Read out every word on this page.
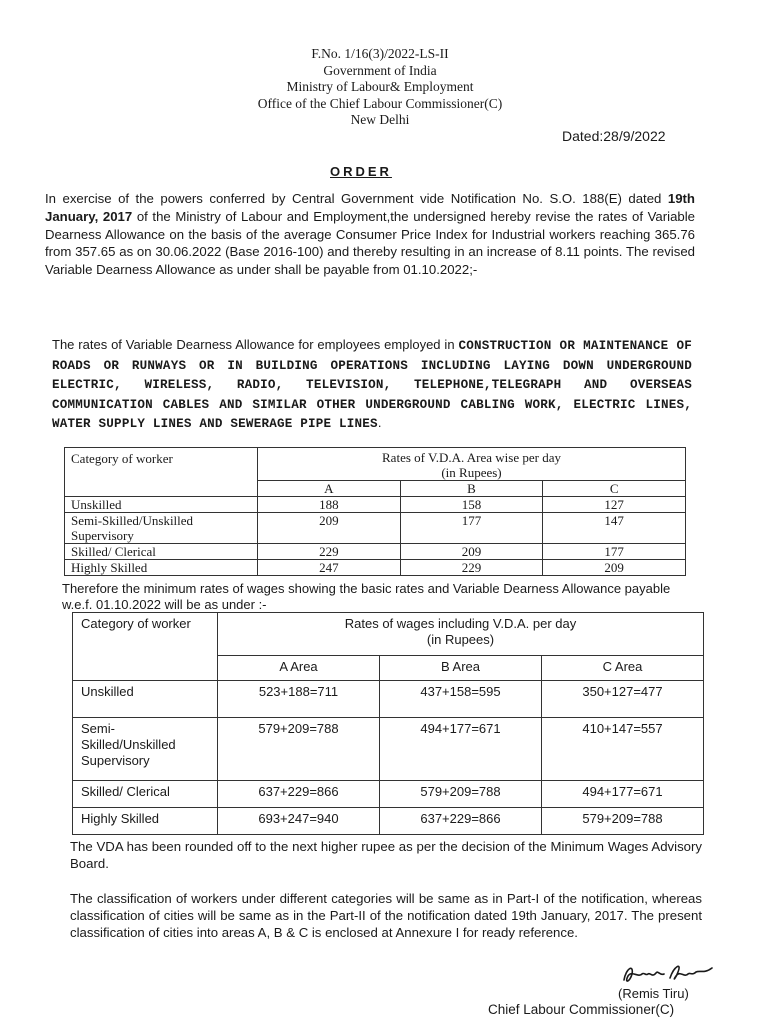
F.No. 1/16(3)/2022-LS-II
Government of India
Ministry of Labour& Employment
Office of the Chief Labour Commissioner(C)
New Delhi
Dated:28/9/2022
ORDER
In exercise of the powers conferred by Central Government vide Notification No. S.O. 188(E) dated 19th January, 2017 of the Ministry of Labour and Employment,the undersigned hereby revise the rates of Variable Dearness Allowance on the basis of the average Consumer Price Index for Industrial workers reaching 365.76 from 357.65 as on 30.06.2022 (Base 2016-100) and thereby resulting in an increase of 8.11 points. The revised Variable Dearness Allowance as under shall be payable from 01.10.2022;-
The rates of Variable Dearness Allowance for employees employed in CONSTRUCTION OR MAINTENANCE OF ROADS OR RUNWAYS OR IN BUILDING OPERATIONS INCLUDING LAYING DOWN UNDERGROUND ELECTRIC, WIRELESS, RADIO, TELEVISION, TELEPHONE,TELEGRAPH AND OVERSEAS COMMUNICATION CABLES AND SIMILAR OTHER UNDERGROUND CABLING WORK, ELECTRIC LINES, WATER SUPPLY LINES AND SEWERAGE PIPE LINES.
Category of worker	Rates of V.D.A. Area wise per day
(in Rupees)		

	A	B	C
Unskilled	188	158	127
Semi-Skilled/Unskilled Supervisory	209	177	147
Skilled/ Clerical	229	209	177
Highly Skilled	247	229	209
Therefore the minimum rates of wages showing the basic rates and Variable Dearness Allowance payable w.e.f. 01.10.2022 will be as under :-
Category of worker	Rates of wages including V.D.A. per day
(in Rupees)		

	A Area	B Area	C Area
Unskilled	523+188=711	437+158=595	350+127=477
Semi-Skilled/Unskilled Supervisory	579+209=788	494+177=671	410+147=557
Skilled/ Clerical	637+229=866	579+209=788	494+177=671
Highly Skilled	693+247=940	637+229=866	579+209=788
The VDA has been rounded off to the next higher rupee as per the decision of the Minimum Wages Advisory Board.
The classification of workers under different categories will be same as in Part-I of the notification, whereas classification of cities will be same as in the Part-II of the notification dated 19th January, 2017. The present classification of cities into areas A, B & C is enclosed at Annexure I for ready reference.
(Remis Tiru)
Chief Labour Commissioner(C)
